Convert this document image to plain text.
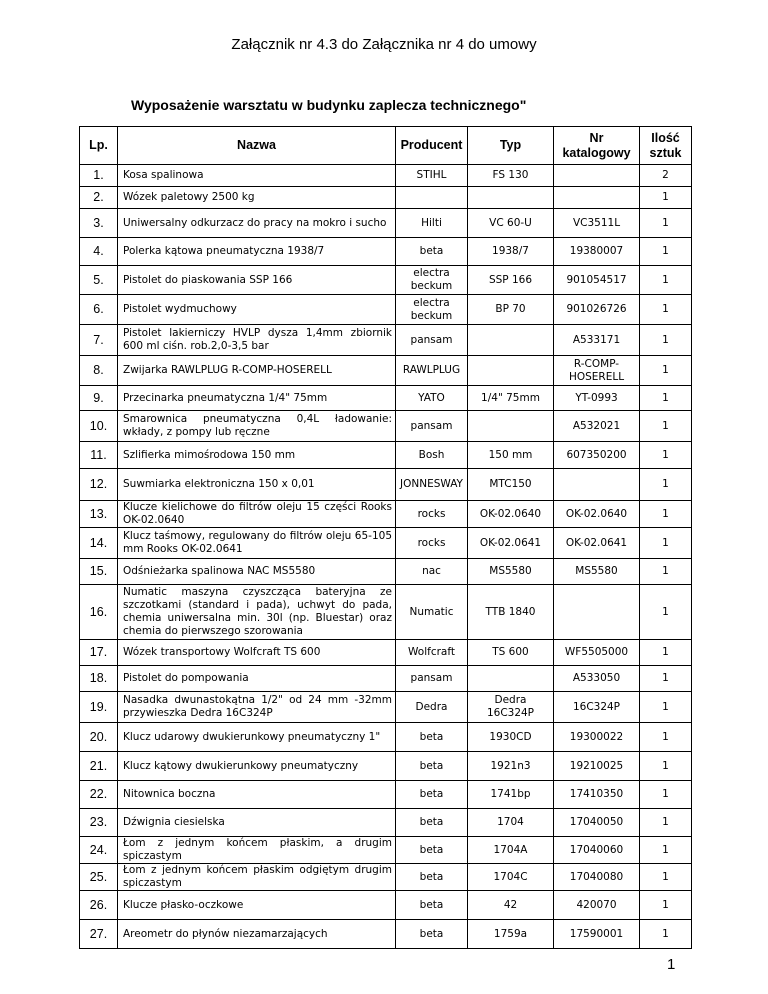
Załącznik nr 4.3 do Załącznika nr 4 do umowy
Wyposażenie warsztatu w budynku zaplecza technicznego"
Lp.	Nazwa	Producent	Typ	Nr katalogowy	Ilość sztuk
1.	Kosa spalinowa	STIHL	FS 130		2
2.	Wózek paletowy 2500 kg				1
3.	Uniwersalny odkurzacz do pracy na mokro i sucho	Hilti	VC 60-U	VC3511L	1
4.	Polerka kątowa pneumatyczna 1938/7	beta	1938/7	19380007	1
5.	Pistolet do piaskowania SSP 166	electra beckum	SSP 166	901054517	1
6.	Pistolet wydmuchowy	electra beckum	BP 70	901026726	1
7.	Pistolet lakierniczy HVLP dysza 1,4mm zbiornik 600 ml ciśn. rob.2,0-3,5 bar	pansam		A533171	1
8.	Zwijarka RAWLPLUG R-COMP-HOSERELL	RAWLPLUG		R-COMP-HOSERELL	1
9.	Przecinarka pneumatyczna 1/4" 75mm	YATO	1/4" 75mm	YT-0993	1
10.	Smarownica pneumatyczna 0,4L ładowanie: wkłady, z pompy lub ręczne	pansam		A532021	1
11.	Szlifierka mimośrodowa 150 mm	Bosh	150 mm	607350200	1
12.	Suwmiarka elektroniczna 150 x 0,01	JONNESWAY	MTC150		1
13.	Klucze kielichowe do filtrów oleju 15 części Rooks OK-02.0640	rocks	OK-02.0640	OK-02.0640	1
14.	Klucz taśmowy, regulowany do filtrów oleju 65-105 mm Rooks OK-02.0641	rocks	OK-02.0641	OK-02.0641	1
15.	Odśnieżarka spalinowa NAC MS5580	nac	MS5580	MS5580	1
16.	Numatic maszyna czyszcząca bateryjna ze szczotkami (standard i pada), uchwyt do pada, chemia uniwersalna min. 30l (np. Bluestar) oraz chemia do pierwszego szorowania	Numatic	TTB 1840		1
17.	Wózek transportowy Wolfcraft TS 600	Wolfcraft	TS 600	WF5505000	1
18.	Pistolet do pompowania	pansam		A533050	1
19.	Nasadka dwunastokątna 1/2" od 24 mm -32mm przywieszka Dedra 16C324P	Dedra	Dedra 16C324P	16C324P	1
20.	Klucz udarowy dwukierunkowy pneumatyczny 1"	beta	1930CD	19300022	1
21.	Klucz kątowy dwukierunkowy pneumatyczny	beta	1921n3	19210025	1
22.	Nitownica boczna	beta	1741bp	17410350	1
23.	Dźwignia ciesielska	beta	1704	17040050	1
24.	Łom z jednym końcem płaskim, a drugim spiczastym	beta	1704A	17040060	1
25.	Łom z jednym końcem płaskim odgiętym drugim spiczastym	beta	1704C	17040080	1
26.	Klucze płasko-oczkowe	beta	42	420070	1
27.	Areometr do płynów niezamarzających	beta	1759a	17590001	1
1
